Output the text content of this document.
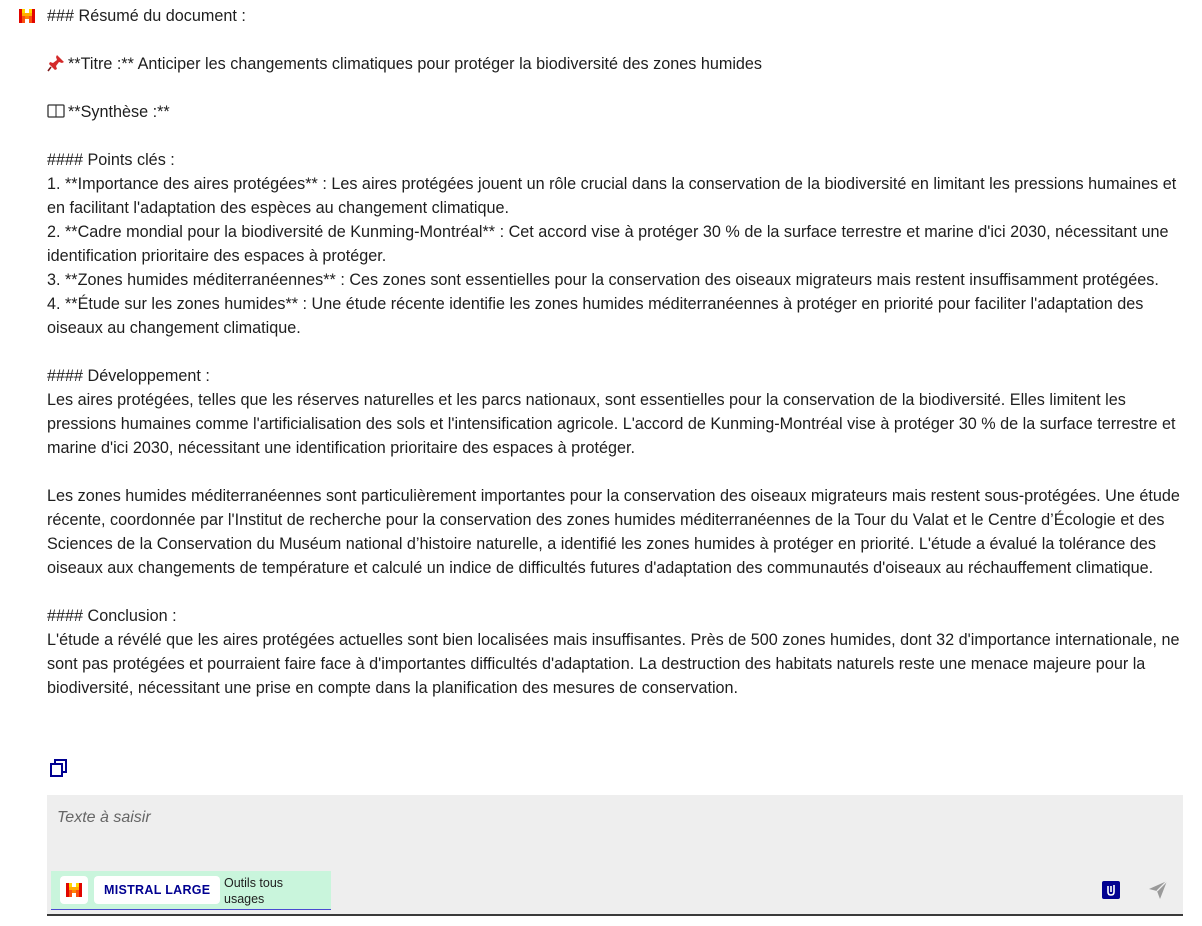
### Résumé du document :

**Titre :** Anticiper les changements climatiques pour protéger la biodiversité des zones humides

**Synthèse :**

#### Points clés :

1. **Importance des aires protégées** : Les aires protégées jouent un rôle crucial dans la conservation de la biodiversité en limitant les pressions humaines et en facilitant l'adaptation des espèces au changement climatique.

2. **Cadre mondial pour la biodiversité de Kunming-Montréal** : Cet accord vise à protéger 30 % de la surface terrestre et marine d'ici 2030, nécessitant une identification prioritaire des espaces à protéger.

3. **Zones humides méditerranéennes** : Ces zones sont essentielles pour la conservation des oiseaux migrateurs mais restent insuffisamment protégées.

4. **Étude sur les zones humides** : Une étude récente identifie les zones humides méditerranéennes à protéger en priorité pour faciliter l'adaptation des oiseaux au changement climatique.

#### Développement :

Les aires protégées, telles que les réserves naturelles et les parcs nationaux, sont essentielles pour la conservation de la biodiversité. Elles limitent les pressions humaines comme l'artificialisation des sols et l'intensification agricole. L'accord de Kunming-Montréal vise à protéger 30 % de la surface terrestre et marine d'ici 2030, nécessitant une identification prioritaire des espaces à protéger.

Les zones humides méditerranéennes sont particulièrement importantes pour la conservation des oiseaux migrateurs mais restent sous-protégées. Une étude récente, coordonnée par l'Institut de recherche pour la conservation des zones humides méditerranéennes de la Tour du Valat et le Centre d’Écologie et des Sciences de la Conservation du Muséum national d’histoire naturelle, a identifié les zones humides à protéger en priorité. L'étude a évalué la tolérance des oiseaux aux changements de température et calculé un indice de difficultés futures d'adaptation des communautés d'oiseaux au réchauffement climatique.

#### Conclusion :

L'étude a révélé que les aires protégées actuelles sont bien localisées mais insuffisantes. Près de 500 zones humides, dont 32 d'importance internationale, ne sont pas protégées et pourraient faire face à d'importantes difficultés d'adaptation. La destruction des habitats naturels reste une menace majeure pour la biodiversité, nécessitant une prise en compte dans la planification des mesures de conservation.

Texte à saisir
MISTRAL LARGE	Outils tous usages
